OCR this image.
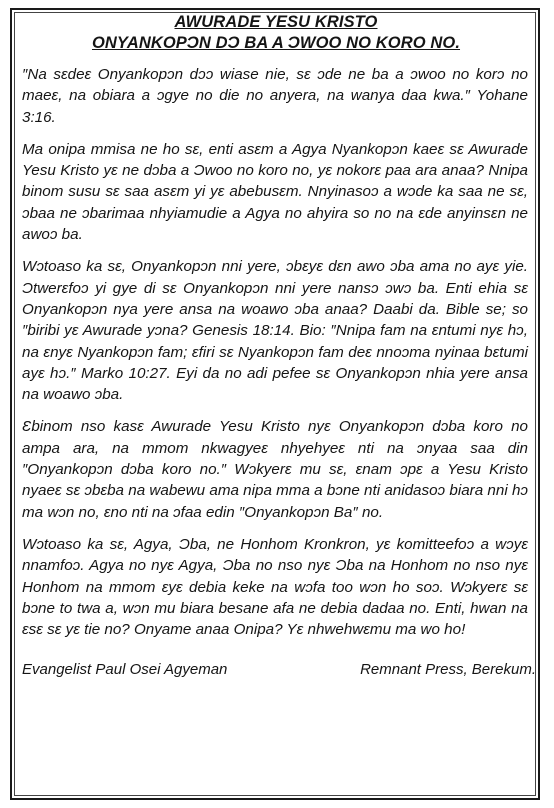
AWURADE YESU KRISTO
ONYANKOPƆN DƆ BA A ƆWOO NO KORO NO.

″Na sɛdeɛ Onyankopɔn dɔɔ wiase nie, sɛ ɔde ne ba a ɔwoo no korɔ no maeɛ, na obiara a ɔgye no die no anyera, na wanya daa kwa.″ Yohane 3:16.

Ma onipa mmisa ne ho sɛ, enti asɛm a Agya Nyankopɔn kaeɛ sɛ Awurade Yesu Kristo yɛ ne dɔba a Ɔwoo no koro no, yɛ nokorɛ paa ara anaa? Nnipa binom susu sɛ saa asɛm yi yɛ abebusɛm. Nnyinasoɔ a wɔde ka saa ne sɛ, ɔbaa ne ɔbarimaa nhyiamudie a Agya no ahyira so no na ɛde anyinsɛn ne awoɔ ba.

Wɔtoaso ka sɛ, Onyankopɔn nni yere, ɔbɛyɛ dɛn awo ɔba ama no ayɛ yie. Ɔtwerɛfoɔ yi gye di sɛ Onyankopɔn nni yere nansɔ ɔwɔ ba. Enti ehia sɛ Onyankopɔn nya yere ansa na woawo ɔba anaa? Daabi da. Bible se; so ″biribi yɛ Awurade yɔna? Genesis 18:14. Bio: ″Nnipa fam na ɛntumi nyɛ hɔ, na ɛnyɛ Nyankopɔn fam; ɛfiri sɛ Nyankopɔn fam deɛ nnoɔma nyinaa bɛtumi ayɛ hɔ.″ Marko 10:27. Eyi da no adi pefee sɛ Onyankopɔn nhia yere ansa na woawo ɔba.

Ɛbinom nso kasɛ Awurade Yesu Kristo nyɛ Onyankopɔn dɔba koro no ampa ara, na mmom nkwagyeɛ nhyehyeɛ nti na ɔnyaa saa din ″Onyankopɔn dɔba koro no.″ Wɔkyerɛ mu sɛ, ɛnam ɔpɛ a Yesu Kristo nyaeɛ sɛ ɔbɛba na wabewu ama nipa mma a bɔne nti anidasoɔ biara nni hɔ ma wɔn no, ɛno nti na ɔfaa edin ″Onyankopɔn Ba″ no.

Wɔtoaso ka sɛ, Agya, Ɔba, ne Honhom Kronkron, yɛ komitteefoɔ a wɔyɛ nnamfoɔ. Agya no nyɛ Agya, Ɔba no nso nyɛ Ɔba na Honhom no nso nyɛ Honhom na mmom ɛyɛ debia keke na wɔfa too wɔn ho soɔ. Wɔkyerɛ sɛ bɔne to twa a, wɔn mu biara besane afa ne debia dadaa no. Enti, hwan na ɛsɛ sɛ yɛ tie no? Onyame anaa Onipa? Yɛ nhwehwɛmu ma wo ho!

Evangelist Paul Osei Agyeman	Remnant Press, Berekum.
